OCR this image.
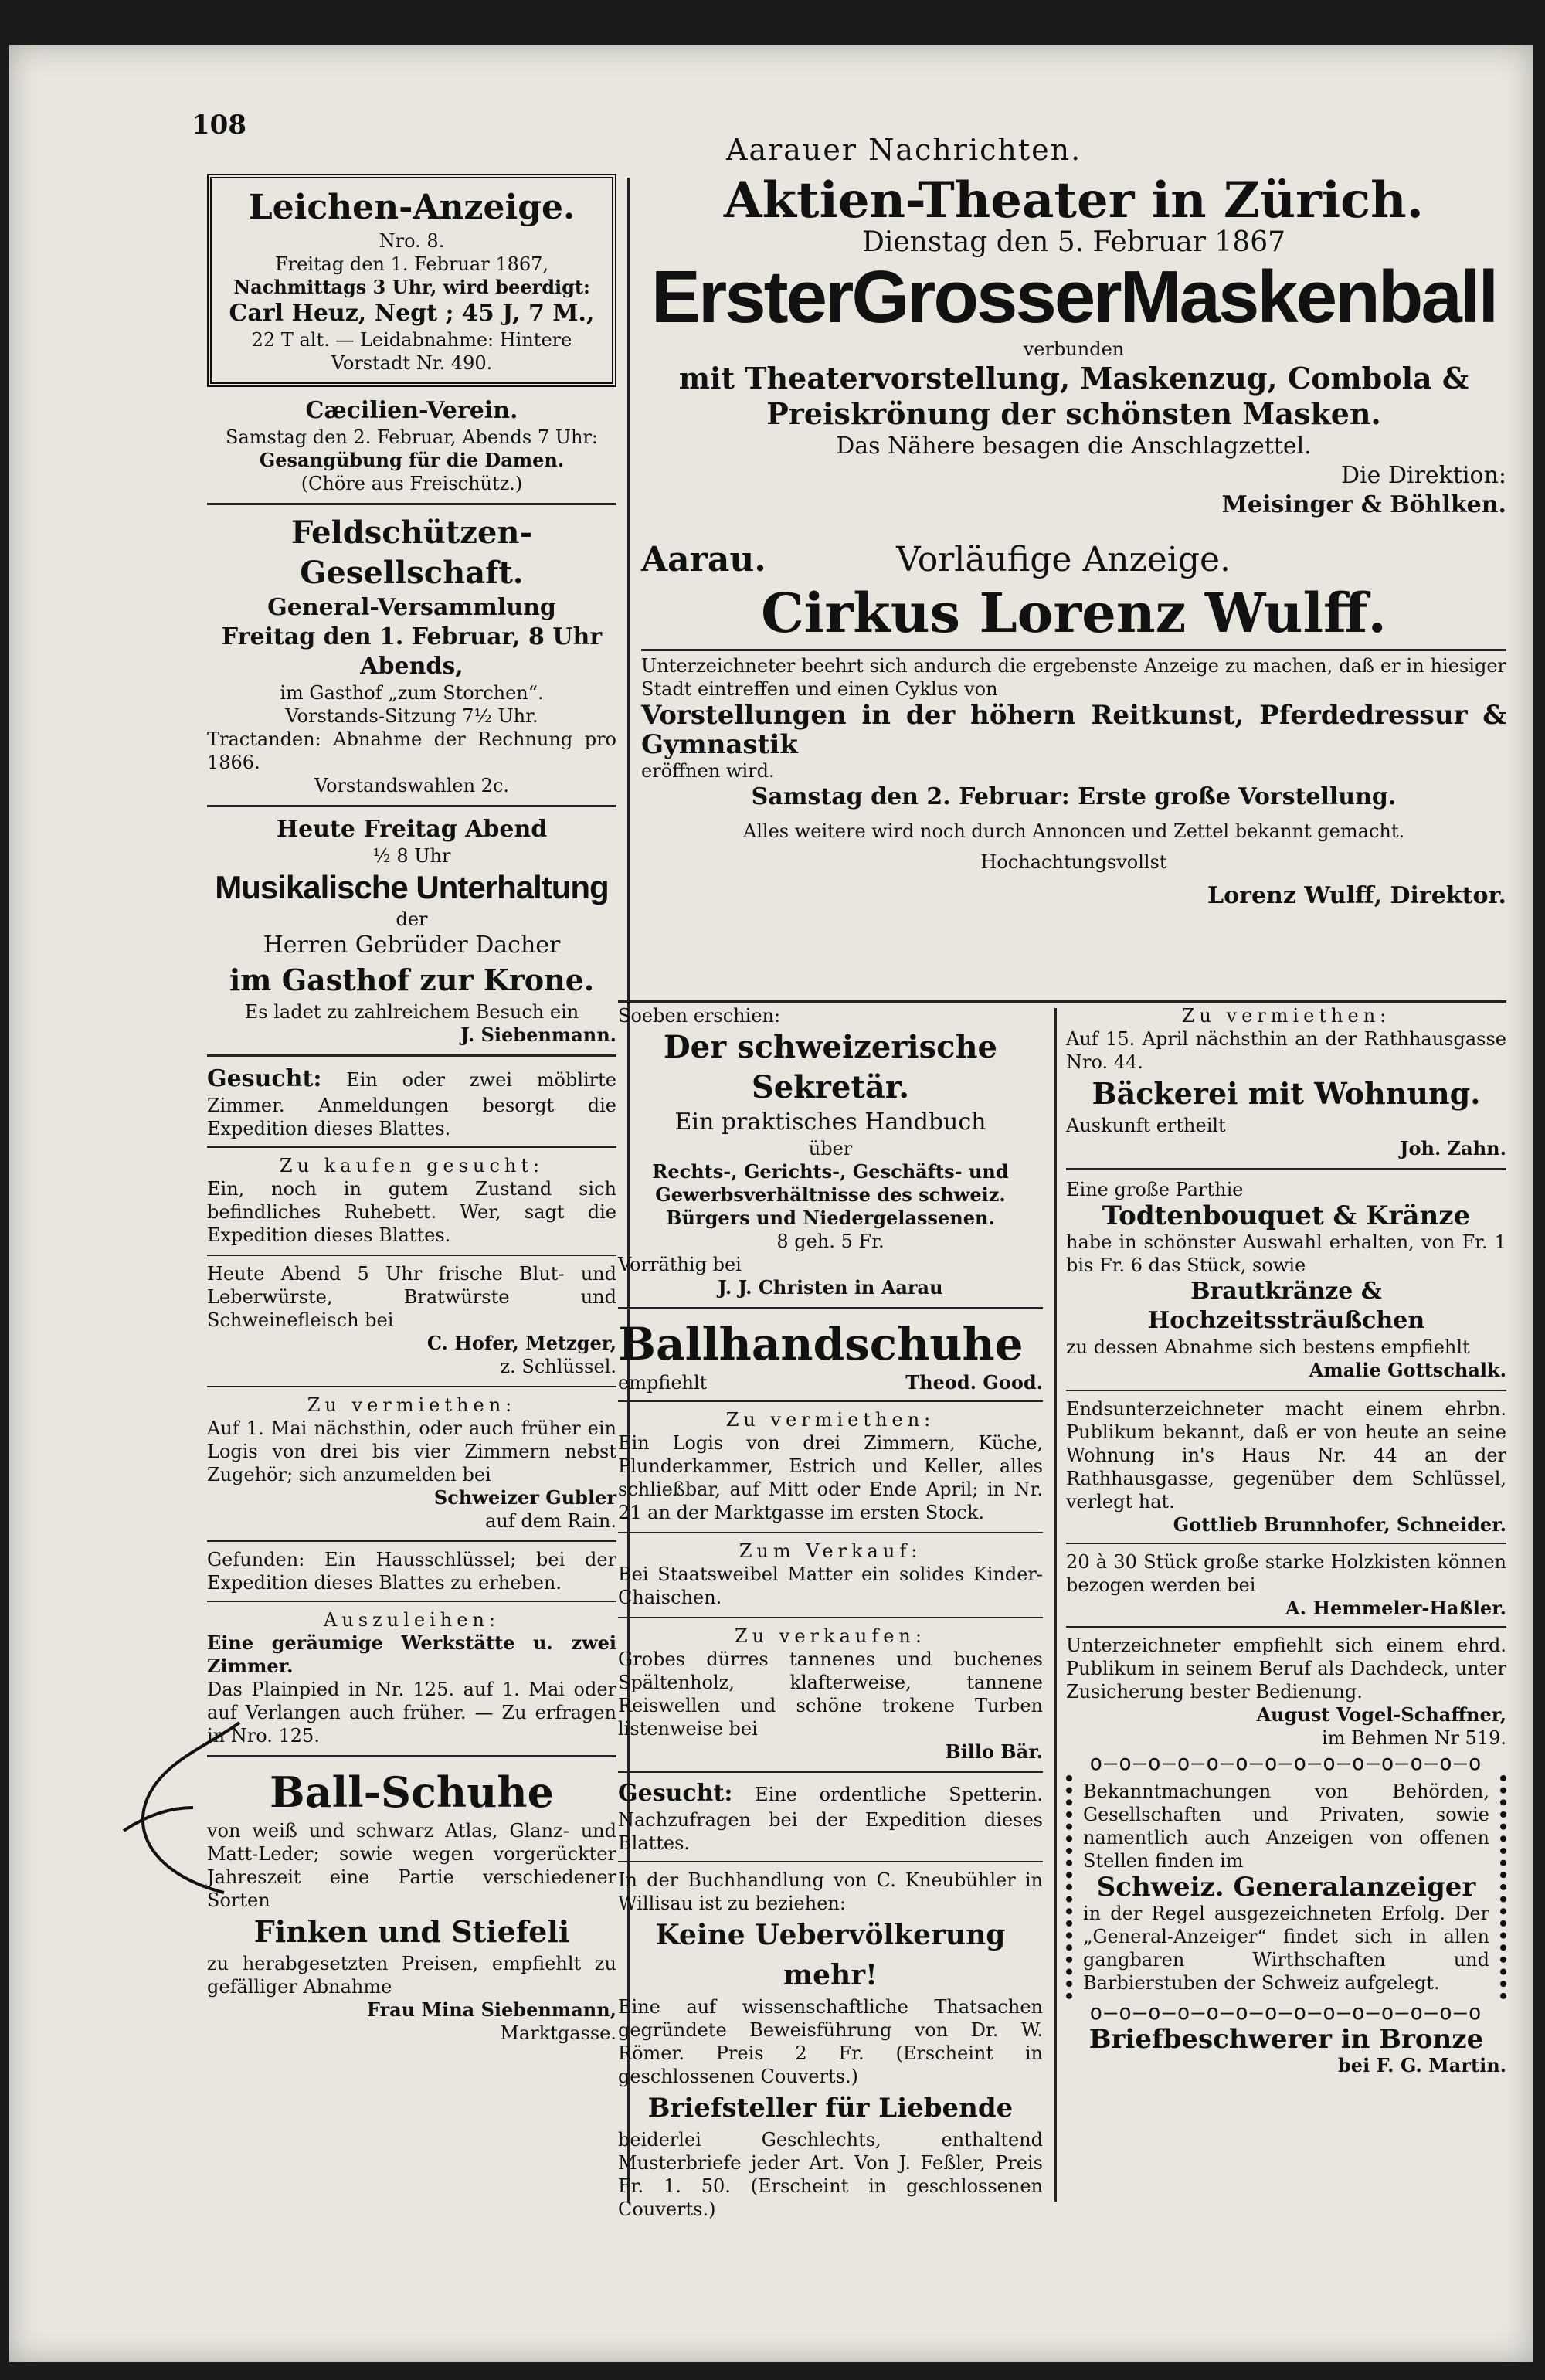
108
Aarauer Nachrichten.
Leichen-Anzeige.
Nro. 8.
Freitag den 1. Februar 1867,
Nachmittags 3 Uhr, wird beerdigt:
Carl Heuz, Negt ; 45 J, 7 M.,
22 T alt. — Leidabnahme: Hintere Vorstadt Nr. 490.
Cæcilien-Verein.
Samstag den 2. Februar, Abends 7 Uhr:
Gesangübung für die Damen.
(Chöre aus Freischütz.)
Feldschützen-Gesellschaft.
General-Versammlung
Freitag den 1. Februar, 8 Uhr Abends,
im Gasthof „zum Storchen“.
Vorstands-Sitzung 7½ Uhr.
Tractanden: Abnahme der Rechnung pro 1866.
Vorstandswahlen 2c.
Heute Freitag Abend
½ 8 Uhr
Musikalische Unterhaltung
der
Herren Gebrüder Dacher
im Gasthof zur Krone.
Es ladet zu zahlreichem Besuch ein
J. Siebenmann.
Gesucht: Ein oder zwei möblirte Zimmer. Anmeldungen besorgt die Expedition dieses Blattes.
Zu kaufen gesucht:
Ein, noch in gutem Zustand sich befindliches Ruhebett. Wer, sagt die Expedition dieses Blattes.
Heute Abend 5 Uhr frische Blut- und Leberwürste, Bratwürste und Schweinefleisch bei
C. Hofer, Metzger,
z. Schlüssel.
Zu vermiethen:
Auf 1. Mai nächsthin, oder auch früher ein Logis von drei bis vier Zimmern nebst Zugehör; sich anzumelden bei
Schweizer Gubler
auf dem Rain.
Gefunden: Ein Hausschlüssel; bei der Expedition dieses Blattes zu erheben.
Auszuleihen:
Eine geräumige Werkstätte u. zwei Zimmer.
Das Plainpied in Nr. 125. auf 1. Mai oder auf Verlangen auch früher. — Zu erfragen in Nro. 125.
Ball-Schuhe
von weiß und schwarz Atlas, Glanz- und Matt-Leder; sowie wegen vorgerückter Jahreszeit eine Partie verschiedener Sorten
Finken und Stiefeli
zu herabgesetzten Preisen, empfiehlt zu gefälliger Abnahme
Frau Mina Siebenmann,
Marktgasse.
Aktien-Theater in Zürich.
Dienstag den 5. Februar 1867
ErsterGrosserMaskenball
verbunden
mit Theatervorstellung, Maskenzug, Combola & Preiskrönung der schönsten Masken.
Das Nähere besagen die Anschlagzettel.
Die Direktion:
Meisinger & Böhlken.
Aarau.	Vorläufige Anzeige.
Cirkus Lorenz Wulff.
Unterzeichneter beehrt sich andurch die ergebenste Anzeige zu machen, daß er in hiesiger Stadt eintreffen und einen Cyklus von
Vorstellungen in der höhern Reitkunst, Pferdedressur & Gymnastik
eröffnen wird.
Samstag den 2. Februar: Erste große Vorstellung.
Alles weitere wird noch durch Annoncen und Zettel bekannt gemacht.
Hochachtungsvollst
Lorenz Wulff, Direktor.
Soeben erschien:
Der schweizerische Sekretär.
Ein praktisches Handbuch
über
Rechts-, Gerichts-, Geschäfts- und Gewerbsverhältnisse des schweiz. Bürgers und Niedergelassenen.
8 geh. 5 Fr.
Vorräthig bei
J. J. Christen in Aarau
Ballhandschuhe
empfiehlt	Theod. Good.
Zu vermiethen:
Ein Logis von drei Zimmern, Küche, Plunderkammer, Estrich und Keller, alles schließbar, auf Mitt oder Ende April; in Nr. 21 an der Marktgasse im ersten Stock.
Zum Verkauf:
Bei Staatsweibel Matter ein solides Kinder-Chaischen.
Zu verkaufen:
Grobes dürres tannenes und buchenes Spältenholz, klafterweise, tannene Reiswellen und schöne trokene Turben listenweise bei
Billo Bär.
Gesucht: Eine ordentliche Spetterin. Nachzufragen bei der Expedition dieses Blattes.
In der Buchhandlung von C. Kneubühler in Willisau ist zu beziehen:
Keine Uebervölkerung mehr!
Eine auf wissenschaftliche Thatsachen gegründete Beweisführung von Dr. W. Römer. Preis 2 Fr. (Erscheint in geschlossenen Couverts.)
Briefsteller für Liebende
beiderlei Geschlechts, enthaltend Musterbriefe jeder Art. Von J. Feßler, Preis Fr. 1. 50. (Erscheint in geschlossenen Couverts.)
Zu vermiethen:
Auf 15. April nächsthin an der Rathhausgasse Nro. 44.
Bäckerei mit Wohnung.
Auskunft ertheilt
Joh. Zahn.
Eine große Parthie
Todtenbouquet & Kränze
habe in schönster Auswahl erhalten, von Fr. 1 bis Fr. 6 das Stück, sowie
Brautkränze & Hochzeitssträußchen
zu dessen Abnahme sich bestens empfiehlt
Amalie Gottschalk.
Endsunterzeichneter macht einem ehrbn. Publikum bekannt, daß er von heute an seine Wohnung in's Haus Nr. 44 an der Rathhausgasse, gegenüber dem Schlüssel, verlegt hat.
Gottlieb Brunnhofer, Schneider.
20 à 30 Stück große starke Holzkisten können bezogen werden bei
A. Hemmeler-Haßler.
Unterzeichneter empfiehlt sich einem ehrd. Publikum in seinem Beruf als Dachdeck, unter Zusicherung bester Bedienung.
August Vogel-Schaffner,
im Behmen Nr 519.
o—o—o—o—o—o—o—o—o—o—o—o—o—o
Bekanntmachungen von Behörden, Gesellschaften und Privaten, sowie namentlich auch Anzeigen von offenen Stellen finden im
Schweiz. Generalanzeiger
in der Regel ausgezeichneten Erfolg. Der „General-Anzeiger“ findet sich in allen gangbaren Wirthschaften und Barbierstuben der Schweiz aufgelegt.
o—o—o—o—o—o—o—o—o—o—o—o—o—o
Briefbeschwerer in Bronze
bei F. G. Martin.
